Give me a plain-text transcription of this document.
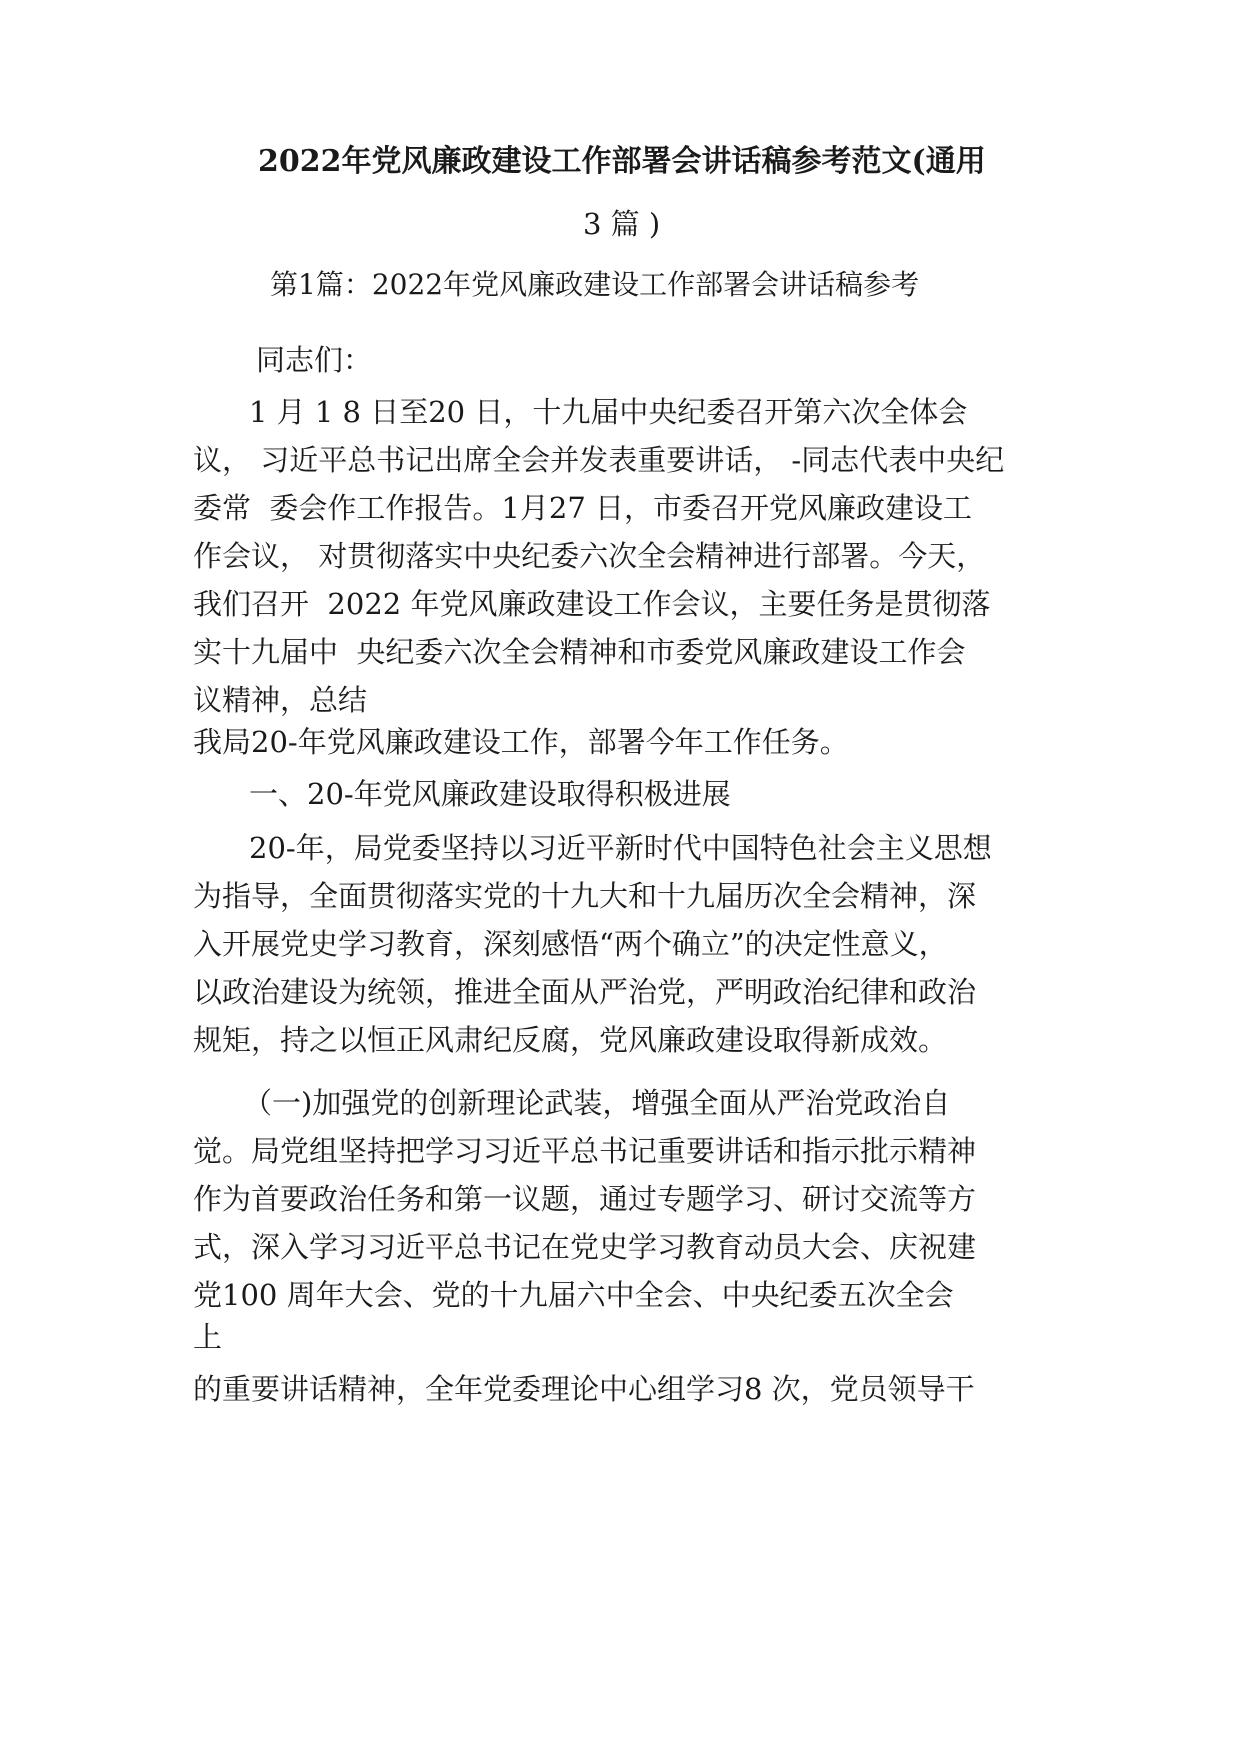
2022年党风廉政建设工作部署会讲话稿参考范文(通用
3 篇 )
第1篇：2022年党风廉政建设工作部署会讲话稿参考
同志们：
1 月 1 8 日至20 日，十九届中央纪委召开第六次全体会
议， 习近平总书记出席全会并发表重要讲话， -同志代表中央纪
委常  委会作工作报告。1月27 日，市委召开党风廉政建设工
作会议， 对贯彻落实中央纪委六次全会精神进行部署。今天，
我们召开  2022 年党风廉政建设工作会议，主要任务是贯彻落
实十九届中  央纪委六次全会精神和市委党风廉政建设工作会
议精神，总结
我局20-年党风廉政建设工作，部署今年工作任务。
一、20-年党风廉政建设取得积极进展
20-年，局党委坚持以习近平新时代中国特色社会主义思想
为指导，全面贯彻落实党的十九大和十九届历次全会精神，深
入开展党史学习教育，深刻感悟“两个确立”的决定性意义，
以政治建设为统领，推进全面从严治党，严明政治纪律和政治
规矩，持之以恒正风肃纪反腐，党风廉政建设取得新成效。
（一)加强党的创新理论武装，增强全面从严治党政治自
觉。局党组坚持把学习习近平总书记重要讲话和指示批示精神
作为首要政治任务和第一议题，通过专题学习、研讨交流等方
式，深入学习习近平总书记在党史学习教育动员大会、庆祝建
党100 周年大会、党的十九届六中全会、中央纪委五次全会
上
的重要讲话精神，全年党委理论中心组学习8 次，党员领导干
